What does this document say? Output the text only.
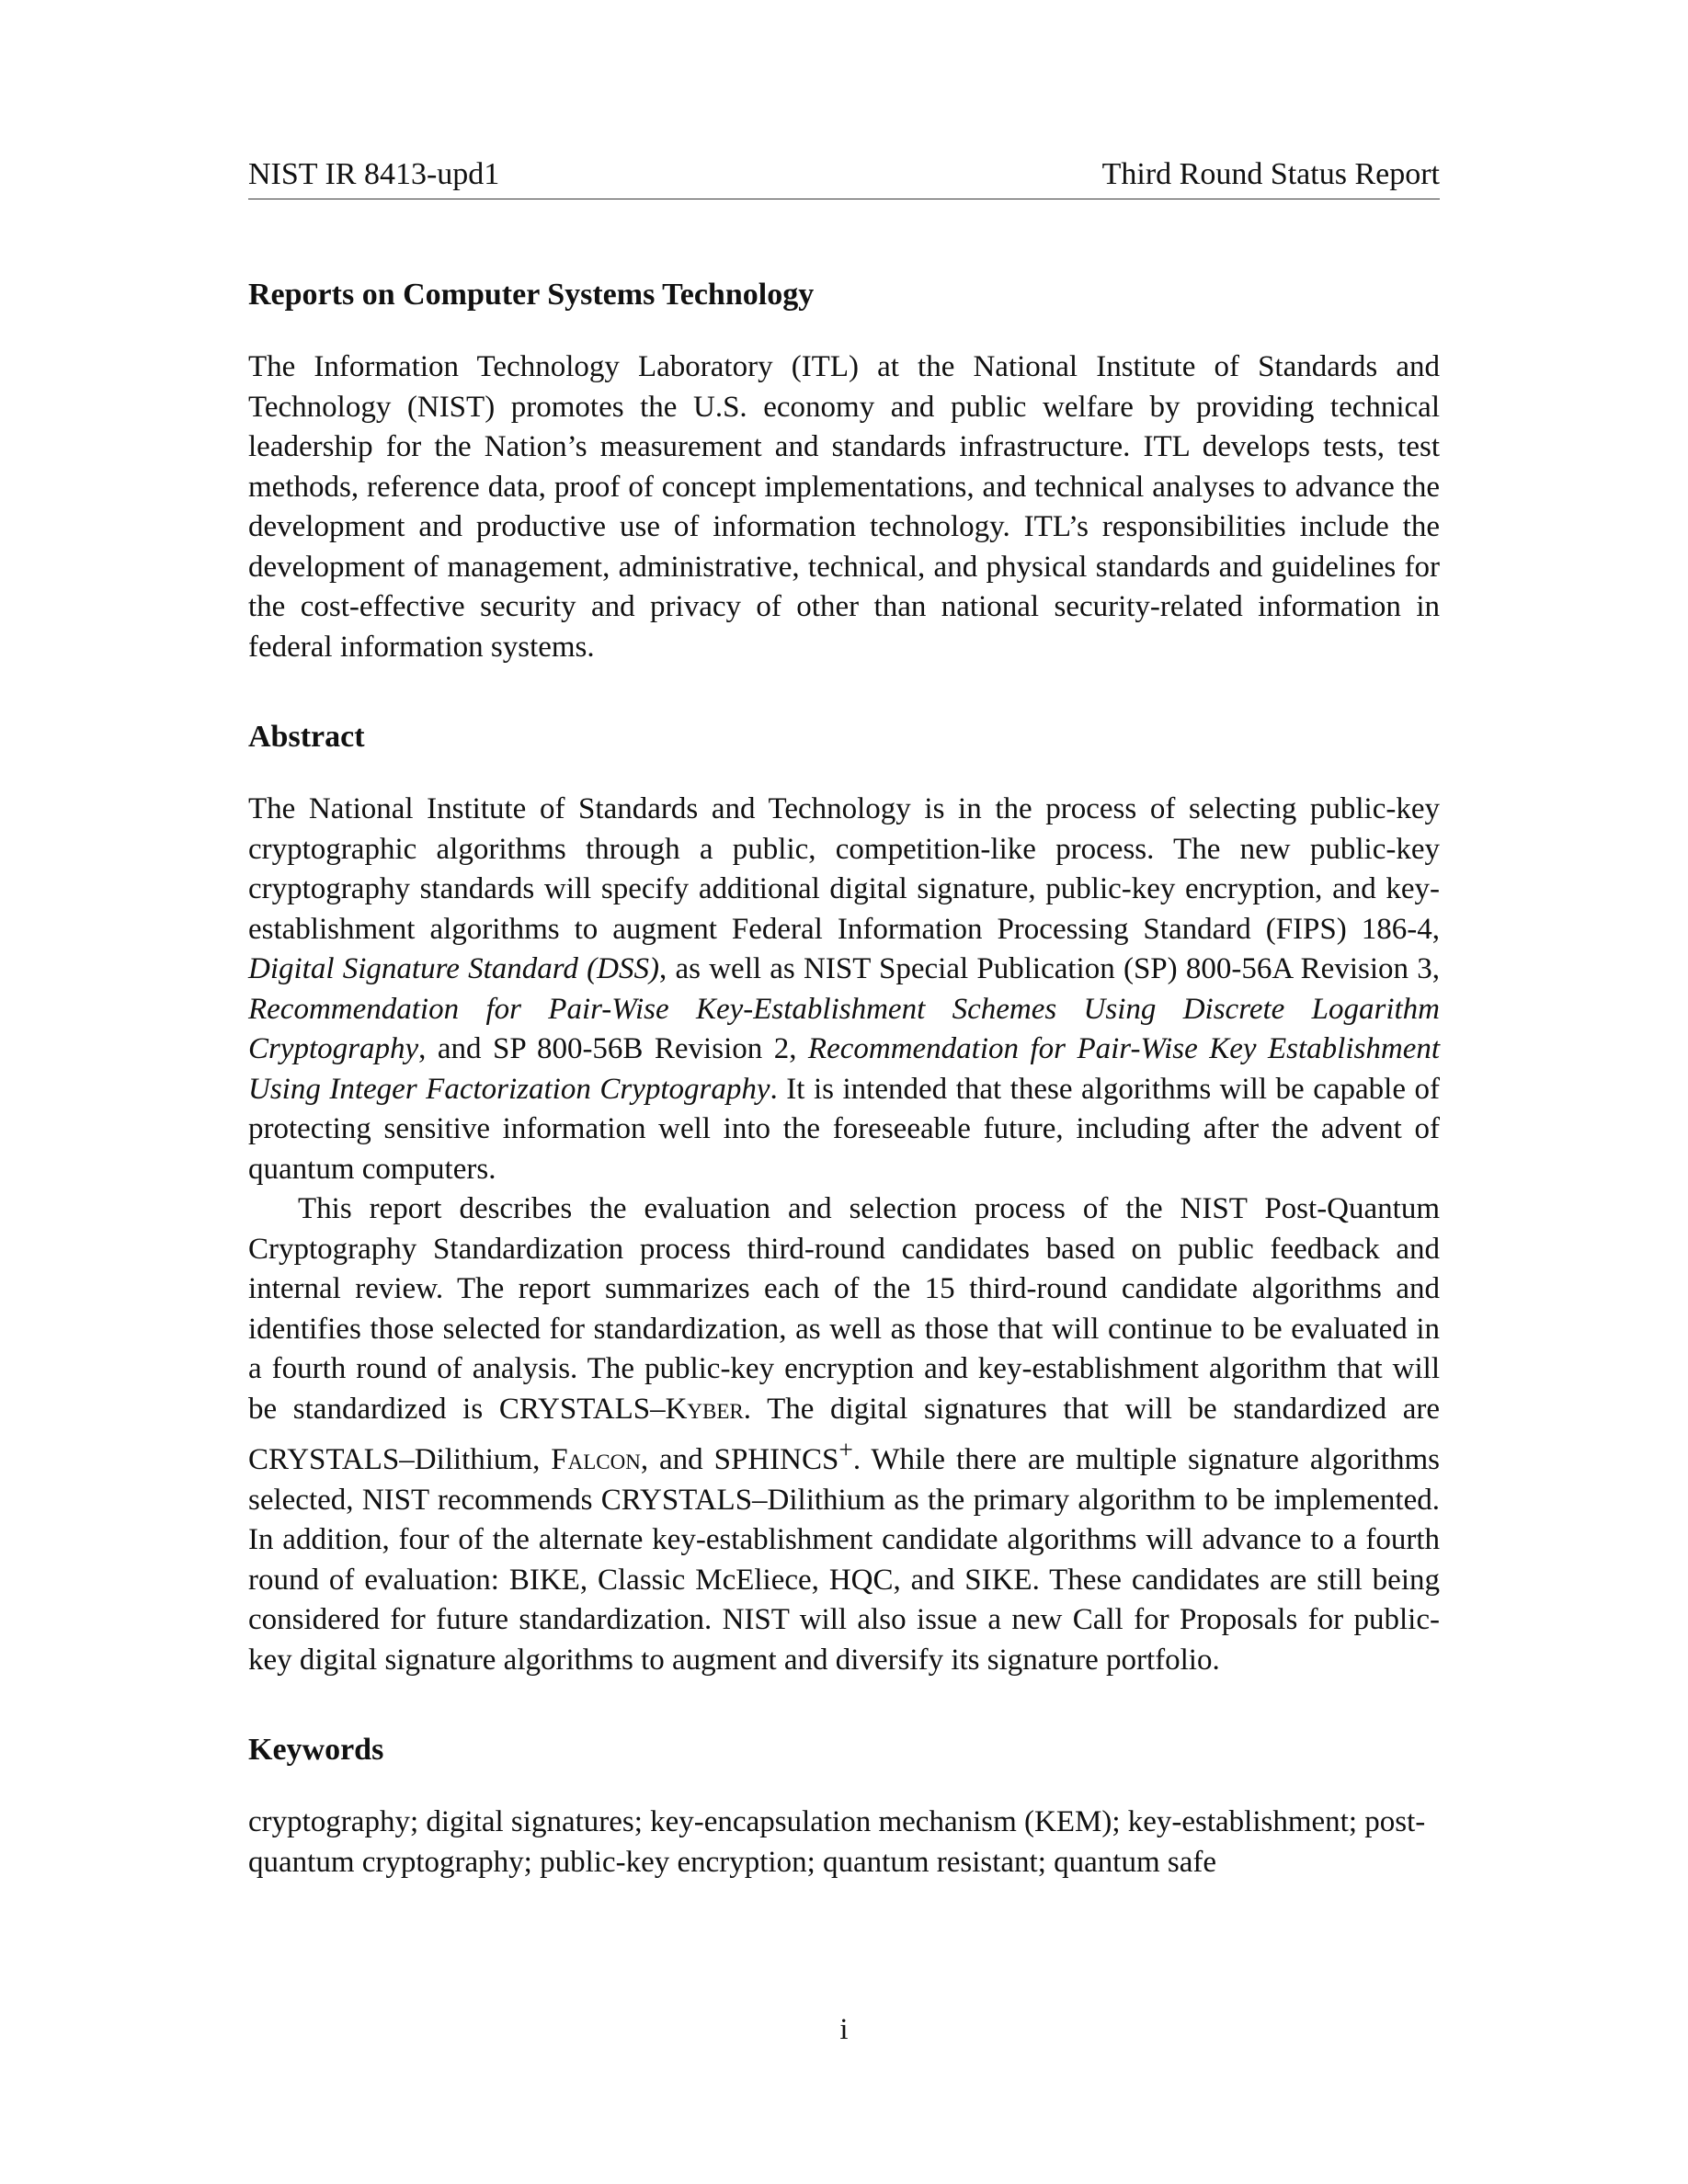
NIST IR 8413-upd1	Third Round Status Report
Reports on Computer Systems Technology

The Information Technology Laboratory (ITL) at the National Institute of Standards and Technology (NIST) promotes the U.S. economy and public welfare by providing technical leadership for the Nation’s measurement and standards infrastructure. ITL develops tests, test methods, reference data, proof of concept implementations, and technical analyses to advance the development and productive use of information technology. ITL’s responsibilities include the development of management, administrative, technical, and physical standards and guidelines for the cost-effective security and privacy of other than national security-related information in federal information systems.

Abstract

The National Institute of Standards and Technology is in the process of selecting public-key cryptographic algorithms through a public, competition-like process. The new public-key cryptography standards will specify additional digital signature, public-key encryption, and key-establishment algorithms to augment Federal Information Processing Standard (FIPS) 186-4, Digital Signature Standard (DSS), as well as NIST Special Publication (SP) 800-56A Revision 3, Recommendation for Pair-Wise Key-Establishment Schemes Using Discrete Logarithm Cryptography, and SP 800-56B Revision 2, Recommendation for Pair-Wise Key Establishment Using Integer Factorization Cryptography. It is intended that these algorithms will be capable of protecting sensitive information well into the foreseeable future, including after the advent of quantum computers.

This report describes the evaluation and selection process of the NIST Post-Quantum Cryptography Standardization process third-round candidates based on public feedback and internal review. The report summarizes each of the 15 third-round candidate algorithms and identifies those selected for standardization, as well as those that will continue to be evaluated in a fourth round of analysis. The public-key encryption and key-establishment algorithm that will be standardized is CRYSTALS–Kyber. The digital signatures that will be standardized are CRYSTALS–Dilithium, Falcon, and SPHINCS+. While there are multiple signature algorithms selected, NIST recommends CRYSTALS–Dilithium as the primary algorithm to be implemented. In addition, four of the alternate key-establishment candidate algorithms will advance to a fourth round of evaluation: BIKE, Classic McEliece, HQC, and SIKE. These candidates are still being considered for future standardization. NIST will also issue a new Call for Proposals for public-key digital signature algorithms to augment and diversify its signature portfolio.

Keywords

cryptography; digital signatures; key-encapsulation mechanism (KEM); key-establishment; post-quantum cryptography; public-key encryption; quantum resistant; quantum safe

i
